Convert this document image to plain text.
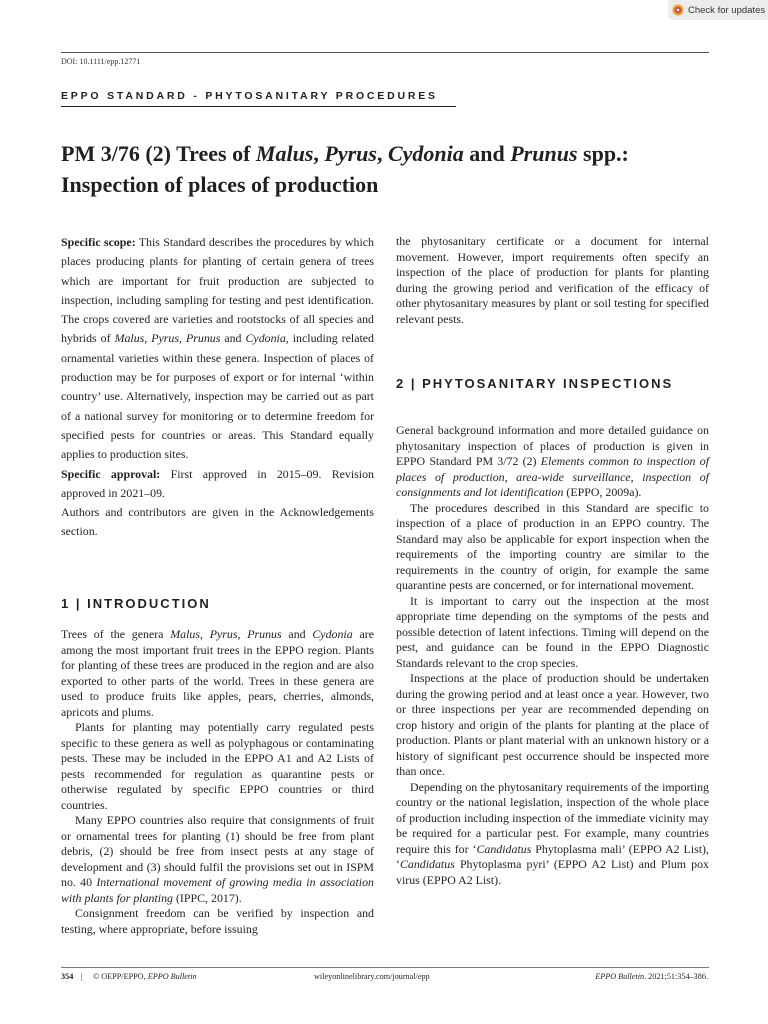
Check for updates
DOI: 10.1111/epp.12771
EPPO STANDARD - PHYTOSANITARY PROCEDURES
PM 3/76 (2) Trees of Malus, Pyrus, Cydonia and Prunus spp.:
Inspection of places of production

Specific scope: This Standard describes the procedures by which places producing plants for planting of certain genera of trees which are important for fruit production are subjected to inspection, including sampling for testing and pest identification. The crops covered are varieties and rootstocks of all species and hybrids of Malus, Pyrus, Prunus and Cydonia, including related ornamental varieties within these genera. Inspection of places of production may be for purposes of export or for internal ‘within country’ use. Alternatively, inspection may be carried out as part of a national survey for monitoring or to determine freedom for specified pests for countries or areas. This Standard equally applies to production sites.

Specific approval: First approved in 2015–09. Revision approved in 2021–09.

Authors and contributors are given in the Acknowledgements section.

1 | INTRODUCTION

Trees of the genera Malus, Pyrus, Prunus and Cydonia are among the most important fruit trees in the EPPO region. Plants for planting of these trees are produced in the region and are also exported to other parts of the world. Trees in these genera are used to produce fruits like apples, pears, cherries, almonds, apricots and plums.

Plants for planting may potentially carry regulated pests specific to these genera as well as polyphagous or contaminating pests. These may be included in the EPPO A1 and A2 Lists of pests recommended for regulation as quarantine pests or otherwise regulated by specific EPPO countries or third countries.

Many EPPO countries also require that consignments of fruit or ornamental trees for planting (1) should be free from plant debris, (2) should be free from insect pests at any stage of development and (3) should fulfil the provisions set out in ISPM no. 40 International movement of growing media in association with plants for planting (IPPC, 2017).

Consignment freedom can be verified by inspection and testing, where appropriate, before issuing

the phytosanitary certificate or a document for internal movement. However, import requirements often specify an inspection of the place of production for plants for planting during the growing period and verification of the efficacy of other phytosanitary measures by plant or soil testing for specified relevant pests.

2 | PHYTOSANITARY INSPECTIONS

General background information and more detailed guidance on phytosanitary inspection of places of production is given in EPPO Standard PM 3/72 (2) Elements common to inspection of places of production, area-wide surveillance, inspection of consignments and lot identification (EPPO, 2009a).

The procedures described in this Standard are specific to inspection of a place of production in an EPPO country. The Standard may also be applicable for export inspection when the requirements of the importing country are similar to the requirements in the country of origin, for example the same quarantine pests are concerned, or for international movement.

It is important to carry out the inspection at the most appropriate time depending on the symptoms of the pests and possible detection of latent infections. Timing will depend on the pest, and guidance can be found in the EPPO Diagnostic Standards relevant to the crop species.

Inspections at the place of production should be undertaken during the growing period and at least once a year. However, two or three inspections per year are recommended depending on crop history and origin of the plants for planting at the place of production. Plants or plant material with an unknown history or a history of significant pest occurrence should be inspected more than once.

Depending on the phytosanitary requirements of the importing country or the national legislation, inspection of the whole place of production including inspection of the immediate vicinity may be required for a particular pest. For example, many countries require this for ‘Candidatus Phytoplasma mali’ (EPPO A2 List), ‘Candidatus Phytoplasma pyri’ (EPPO A2 List) and Plum pox virus (EPPO A2 List).

354 | © OEPP/EPPO, EPPO Bulletin	wileyonlinelibrary.com/journal/epp	EPPO Bulletin. 2021;51:354–386.
